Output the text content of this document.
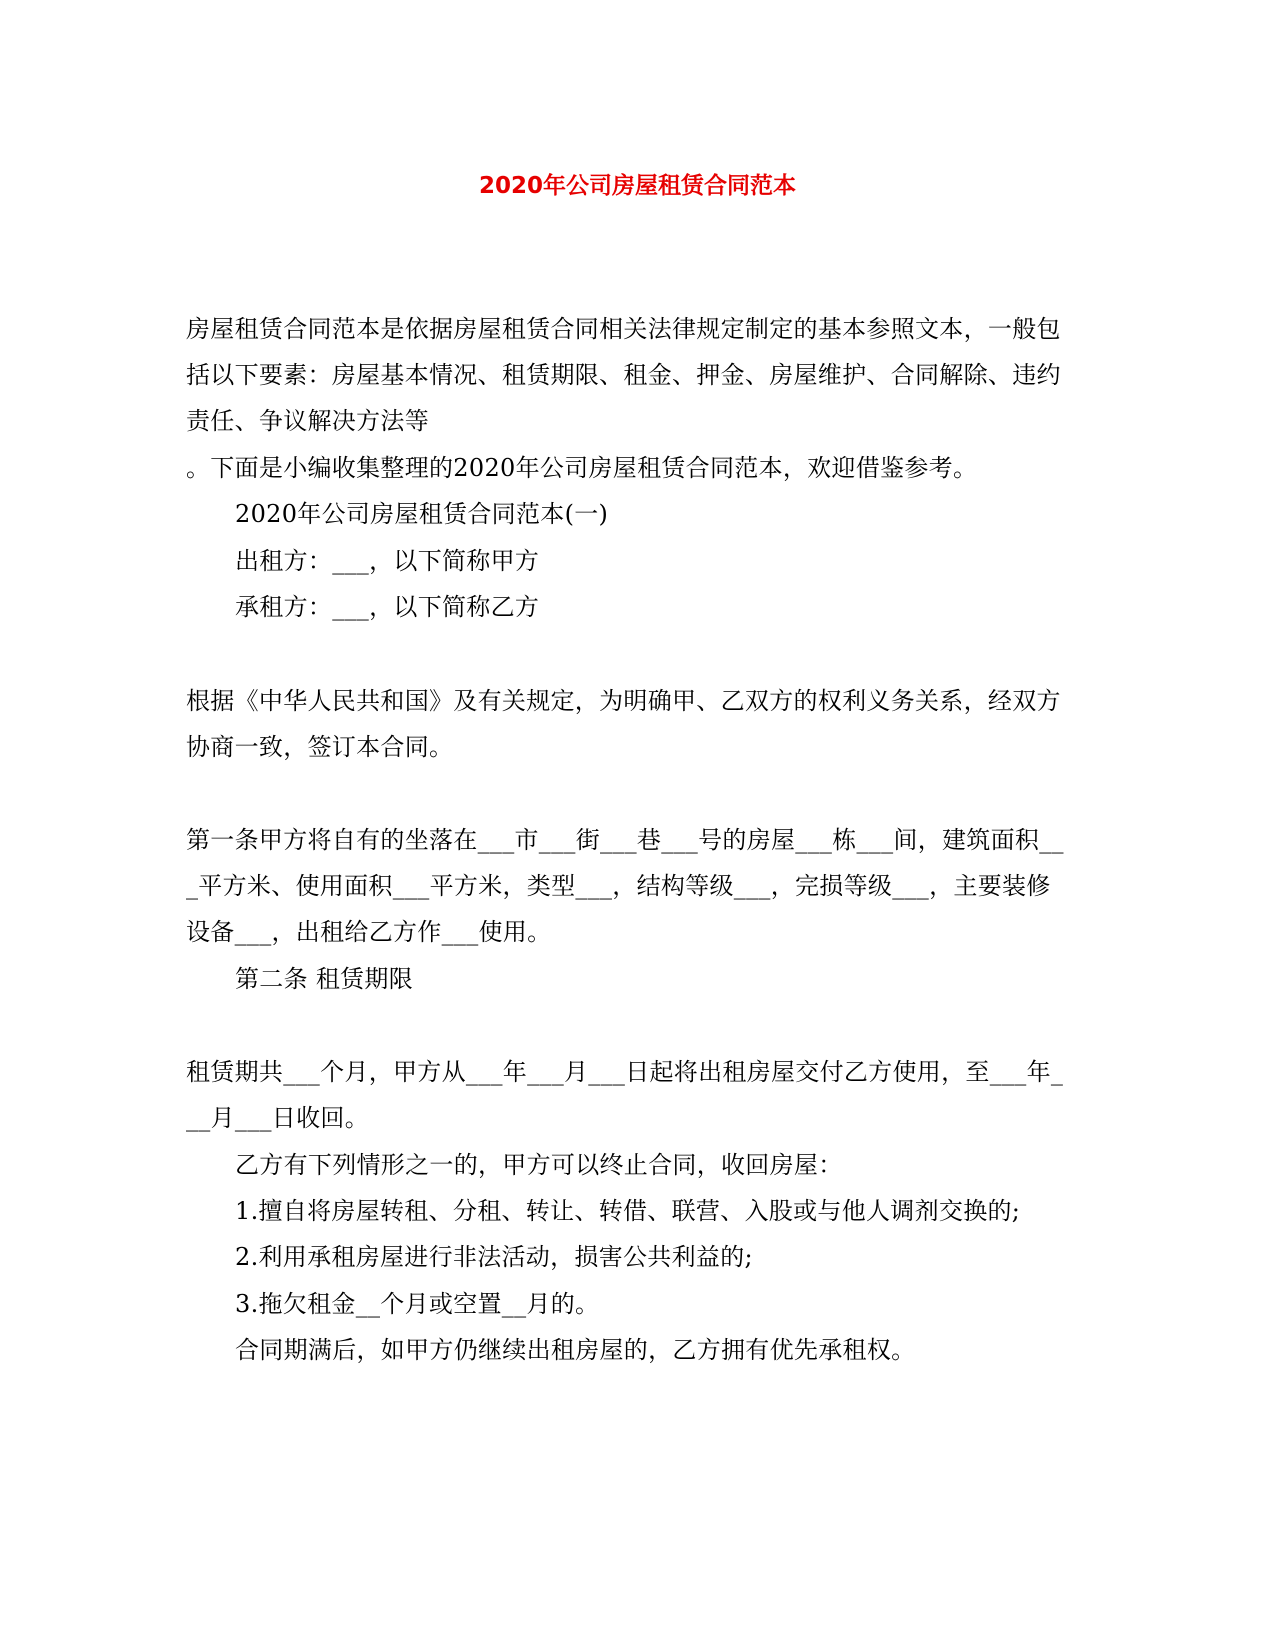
2020年公司房屋租赁合同范本
房屋租赁合同范本是依据房屋租赁合同相关法律规定制定的基本参照文本，一般包
括以下要素：房屋基本情况、租赁期限、租金、押金、房屋维护、合同解除、违约
责任、争议解决方法等
。下面是小编收集整理的2020年公司房屋租赁合同范本，欢迎借鉴参考。
2020年公司房屋租赁合同范本(一)
出租方：___，以下简称甲方
承租方：___，以下简称乙方
根据《中华人民共和国》及有关规定，为明确甲、乙双方的权利义务关系，经双方
协商一致，签订本合同。
第一条甲方将自有的坐落在___市___街___巷___号的房屋___栋___间，建筑面积__
_平方米、使用面积___平方米，类型___，结构等级___，完损等级___，主要装修
设备___，出租给乙方作___使用。
第二条 租赁期限
租赁期共___个月，甲方从___年___月___日起将出租房屋交付乙方使用，至___年_
__月___日收回。
乙方有下列情形之一的，甲方可以终止合同，收回房屋：
1.擅自将房屋转租、分租、转让、转借、联营、入股或与他人调剂交换的;
2.利用承租房屋进行非法活动，损害公共利益的;
3.拖欠租金__个月或空置__月的。
合同期满后，如甲方仍继续出租房屋的，乙方拥有优先承租权。
